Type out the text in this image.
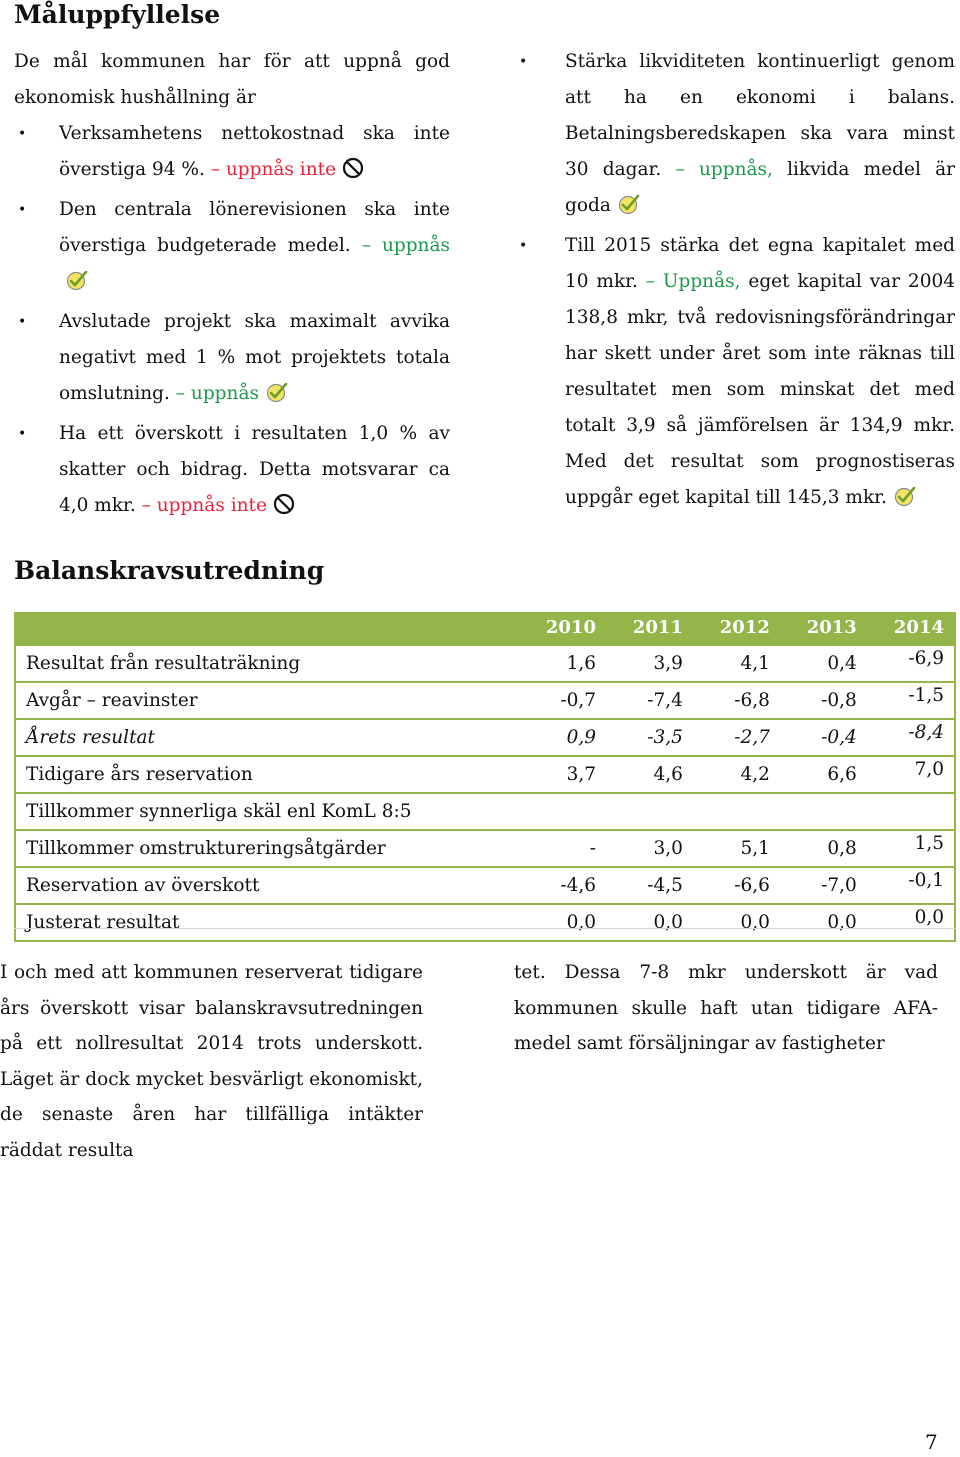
Måluppfyllelse

De mål kommunen har för att uppnå god ekonomisk hushållning är

• Verksamhetens nettokostnad ska inte överstiga 94 %. – uppnås inte
• Den centrala lönerevisionen ska inte överstiga budgeterade medel. – uppnås
• Avslutade projekt ska maximalt avvika negativt med 1 % mot projektets totala omslutning. – uppnås
• Ha ett överskott i resultaten 1,0 % av skatter och bidrag. Detta motsvarar ca 4,0 mkr. – uppnås inte
• Stärka likviditeten kontinuerligt genom att ha en ekonomi i balans. Betalningsberedskapen ska vara minst 30 dagar. – uppnås, likvida medel är goda
• Till 2015 stärka det egna kapitalet med 10 mkr. – Uppnås, eget kapital var 2004 138,8 mkr, två redovisningsförändringar har skett under året som inte räknas till resultatet men som minskat det med totalt 3,9 så jämförelsen är 134,9 mkr. Med det resultat som prognostiseras uppgår eget kapital till 145,3 mkr.
Balanskravsutredning
	2010	2011	2012	2013	2014
Resultat från resultaträkning	1,6	3,9	4,1	0,4	-6,9
Avgår – reavinster	-0,7	-7,4	-6,8	-0,8	-1,5
Årets resultat	0,9	-3,5	-2,7	-0,4	-8,4
Tidigare års reservation	3,7	4,6	4,2	6,6	7,0
Tillkommer synnerliga skäl enl KomL 8:5					
Tillkommer omstruktureringsåtgärder	-	3,0	5,1	0,8	1,5
Reservation av överskott	-4,6	-4,5	-6,6	-7,0	-0,1
Justerat resultat	0,0	0,0	0,0	0,0	0,0

I och med att kommunen reserverat tidigare års överskott visar balanskravsutredningen på ett nollresultat 2014 trots underskott. Läget är dock mycket besvärligt ekonomiskt, de senaste åren har tillfälliga intäkter räddat resulta

tet. Dessa 7-8 mkr underskott är vad kommunen skulle haft utan tidigare AFA-medel samt försäljningar av fastigheter

7
